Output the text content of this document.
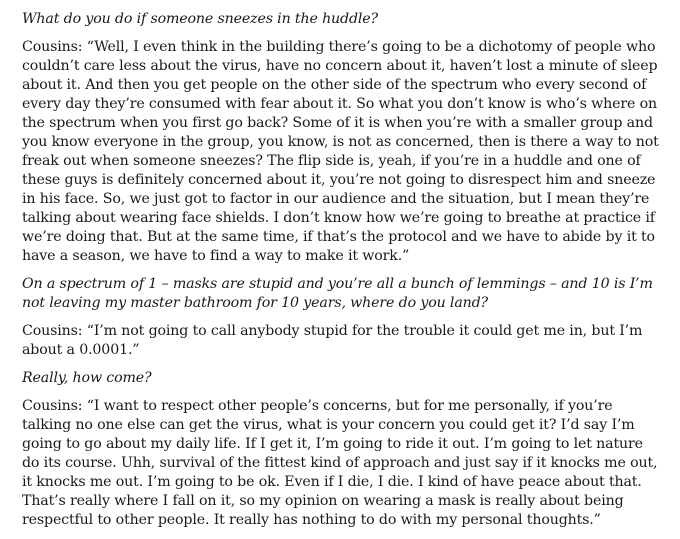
What do you do if someone sneezes in the huddle?

Cousins: “Well, I even think in the building there’s going to be a dichotomy of people who couldn’t care less about the virus, have no concern about it, haven’t lost a minute of sleep about it. And then you get people on the other side of the spectrum who every second of every day they’re consumed with fear about it. So what you don’t know is who’s where on the spectrum when you first go back? Some of it is when you’re with a smaller group and you know everyone in the group, you know, is not as concerned, then is there a way to not freak out when someone sneezes? The flip side is, yeah, if you’re in a huddle and one of these guys is definitely concerned about it, you’re not going to disrespect him and sneeze in his face. So, we just got to factor in our audience and the situation, but I mean they’re talking about wearing face shields. I don’t know how we’re going to breathe at practice if we’re doing that. But at the same time, if that’s the protocol and we have to abide by it to have a season, we have to find a way to make it work.”

On a spectrum of 1 – masks are stupid and you’re all a bunch of lemmings – and 10 is I’m not leaving my master bathroom for 10 years, where do you land?

Cousins: “I’m not going to call anybody stupid for the trouble it could get me in, but I’m about a 0.0001.”

Really, how come?

Cousins: “I want to respect other people’s concerns, but for me personally, if you’re talking no one else can get the virus, what is your concern you could get it? I’d say I’m going to go about my daily life. If I get it, I’m going to ride it out. I’m going to let nature do its course. Uhh, survival of the fittest kind of approach and just say if it knocks me out, it knocks me out. I’m going to be ok. Even if I die, I die. I kind of have peace about that. That’s really where I fall on it, so my opinion on wearing a mask is really about being respectful to other people. It really has nothing to do with my personal thoughts.”
